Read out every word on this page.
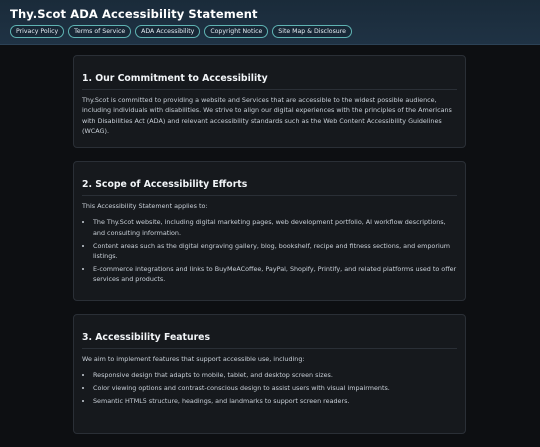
Thy.Scot ADA Accessibility Statement
Privacy Policy	Terms of Service	ADA Accessibility	Copyright Notice	Site Map & Disclosure
1. Our Commitment to Accessibility

Thy.Scot is committed to providing a website and Services that are accessible to the widest possible audience, including individuals with disabilities. We strive to align our digital experiences with the principles of the Americans with Disabilities Act (ADA) and relevant accessibility standards such as the Web Content Accessibility Guidelines (WCAG).

2. Scope of Accessibility Efforts

This Accessibility Statement applies to:

• The Thy.Scot website, including digital marketing pages, web development portfolio, AI workflow descriptions, and consulting information.
• Content areas such as the digital engraving gallery, blog, bookshelf, recipe and fitness sections, and emporium listings.
• E-commerce integrations and links to BuyMeACoffee, PayPal, Shopify, Printify, and related platforms used to offer services and products.
3. Accessibility Features

We aim to implement features that support accessible use, including:

• Responsive design that adapts to mobile, tablet, and desktop screen sizes.
• Color viewing options and contrast-conscious design to assist users with visual impairments.
• Semantic HTML5 structure, headings, and landmarks to support screen readers.
